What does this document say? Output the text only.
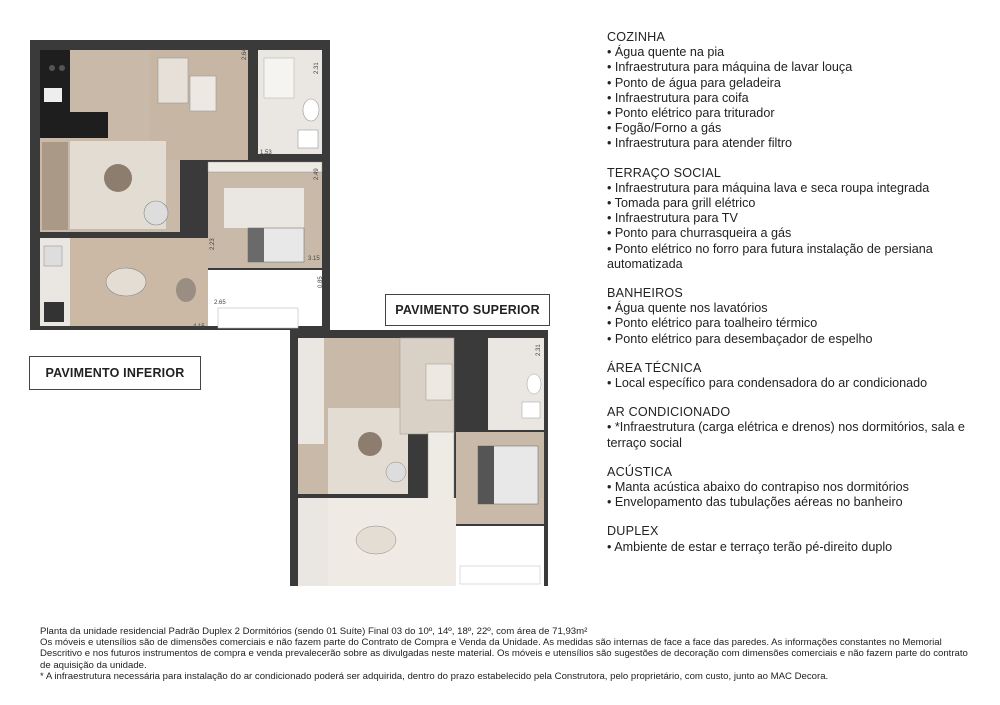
2.64
2.31
1.53
2.49
2.23
3.15
0.85
2.65
4.15
PAVIMENTO INFERIOR
PAVIMENTO SUPERIOR
2.31
COZINHA
• Água quente na pia
• Infraestrutura para máquina de lavar louça
• Ponto de água para geladeira
• Infraestrutura para coifa
• Ponto elétrico para triturador
• Fogão/Forno a gás
• Infraestrutura para atender filtro
TERRAÇO SOCIAL
• Infraestrutura para máquina lava e seca roupa integrada
• Tomada para grill elétrico
• Infraestrutura para TV
• Ponto para churrasqueira a gás
• Ponto elétrico no forro para futura instalação de persiana automatizada
BANHEIROS
• Água quente nos lavatórios
• Ponto elétrico para toalheiro térmico
• Ponto elétrico para desembaçador de espelho
ÁREA TÉCNICA
• Local específico para condensadora do ar condicionado
AR CONDICIONADO
• *Infraestrutura (carga elétrica e drenos) nos dormitórios, sala e terraço social
ACÚSTICA
• Manta acústica abaixo do contrapiso nos dormitórios
• Envelopamento das tubulações aéreas no banheiro
DUPLEX
• Ambiente de estar e terraço terão pé-direito duplo

Planta da unidade residencial Padrão Duplex 2 Dormitórios (sendo 01 Suíte) Final 03 do 10º, 14º, 18º, 22º, com área de 71,93m²

Os móveis e utensílios são de dimensões comerciais e não fazem parte do Contrato de Compra e Venda da Unidade. As medidas são internas de face a face das paredes. As informações constantes no Memorial Descritivo e nos futuros instrumentos de compra e venda prevalecerão sobre as divulgadas neste material. Os móveis e utensílios são sugestões de decoração com dimensões comerciais e não fazem parte do contrato de aquisição da unidade.

* A infraestrutura necessária para instalação do ar condicionado poderá ser adquirida, dentro do prazo estabelecido pela Construtora, pelo proprietário, com custo, junto ao MAC Decora.
